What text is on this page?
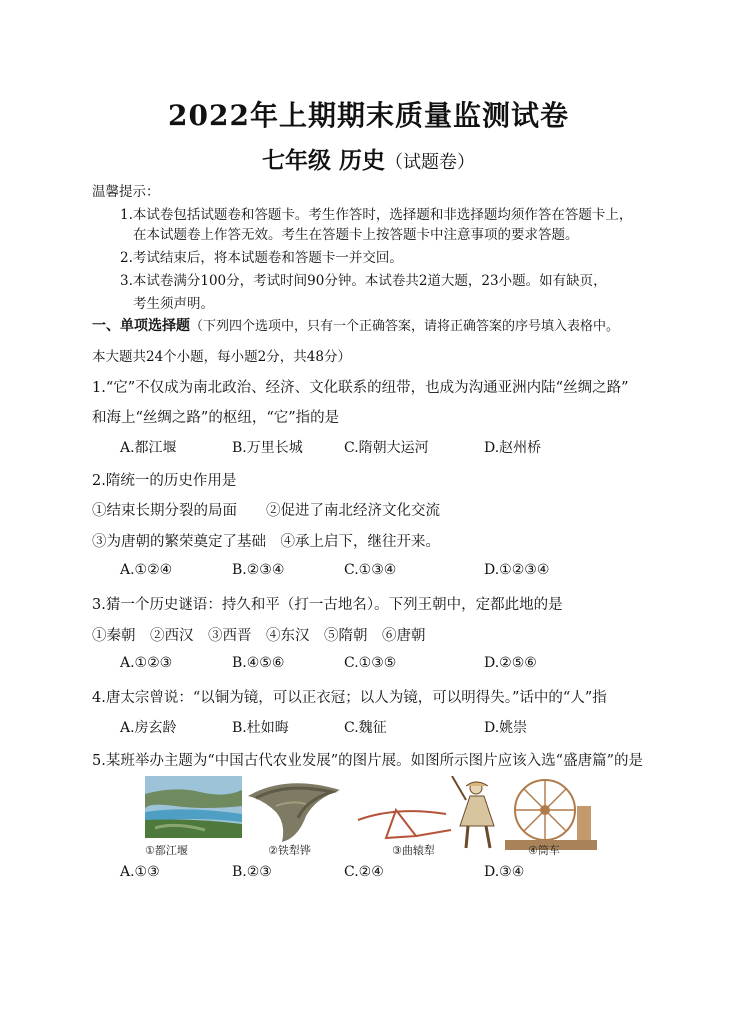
2022年上期期末质量监测试卷
七年级 历史（试题卷）
温馨提示：
1.本试卷包括试题卷和答题卡。考生作答时，选择题和非选择题均须作答在答题卡上，
在本试题卷上作答无效。考生在答题卡上按答题卡中注意事项的要求答题。
2.考试结束后，将本试题卷和答题卡一并交回。
3.本试卷满分100分，考试时间90分钟。本试卷共2道大题，23小题。如有缺页，
考生须声明。
一、单项选择题（下列四个选项中，只有一个正确答案，请将正确答案的序号填入表格中。
本大题共24个小题，每小题2分，共48分）
1.“它”不仅成为南北政治、经济、文化联系的纽带，也成为沟通亚洲内陆“丝绸之路”
和海上“丝绸之路”的枢纽，“它”指的是
A.都江堰	B.万里长城	C.隋朝大运河	D.赵州桥
2.隋统一的历史作用是
①结束长期分裂的局面　　②促进了南北经济文化交流
③为唐朝的繁荣奠定了基础　④承上启下，继往开来。
A.①②④	B.②③④	C.①③④	D.①②③④
3.猜一个历史谜语：持久和平（打一古地名）。下列王朝中，定都此地的是
①秦朝　②西汉　③西晋　④东汉　⑤隋朝　⑥唐朝
A.①②③	B.④⑤⑥	C.①③⑤	D.②⑤⑥
4.唐太宗曾说：“以铜为镜，可以正衣冠；以人为镜，可以明得失。”话中的“人”指
A.房玄龄	B.杜如晦	C.魏征	D.姚崇
5.某班举办主题为“中国古代农业发展”的图片展。如图所示图片应该入选“盛唐篇”的是
①都江堰	②铁犁铧	③曲辕犁	④筒车
A.①③	B.②③	C.②④	D.③④
